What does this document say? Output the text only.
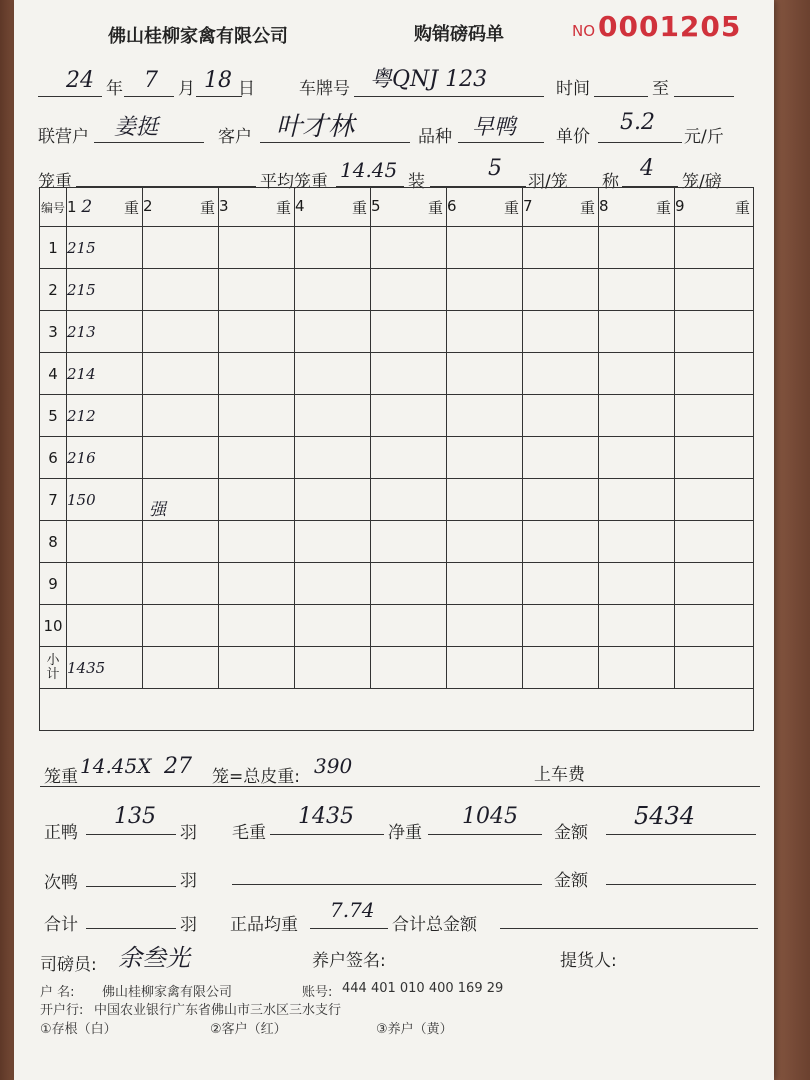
佛山桂柳家禽有限公司	购销磅码单	NO 0001205
24 年 7 月 18 日	车牌号 粤QNJ 123	时间	至
联营户 姜挺	客户 叶才林	品种 早鸭 单价
5.2
元/斤
笼重	平均笼重 14.45 装
5
羽/笼 称
4
笼/磅
编号	1 2 重	2 重	3 重	4 重	5 重	6 重	7 重	8 重	9 重

1	215								
2	215								
3	213								
4	214								
5	212								
6	216								
7	150	强							
8									
9									
10									
小
计	1435								

笼重 14.45X 27 笼=总皮重: 390	上车费
正鸭
135
羽 毛重
1435
净重
1045
金额
5434
次鸭	羽	金额
合计	羽 正品均重
7.74
合计总金额
司磅员: 余叁光	养户签名:	提货人:
户 名: 佛山桂柳家禽有限公司	账号: 444 401 010 400 169 29
开户行: 中国农业银行广东省佛山市三水区三水支行
①存根（白）	②客户（红）	③养户（黄）
